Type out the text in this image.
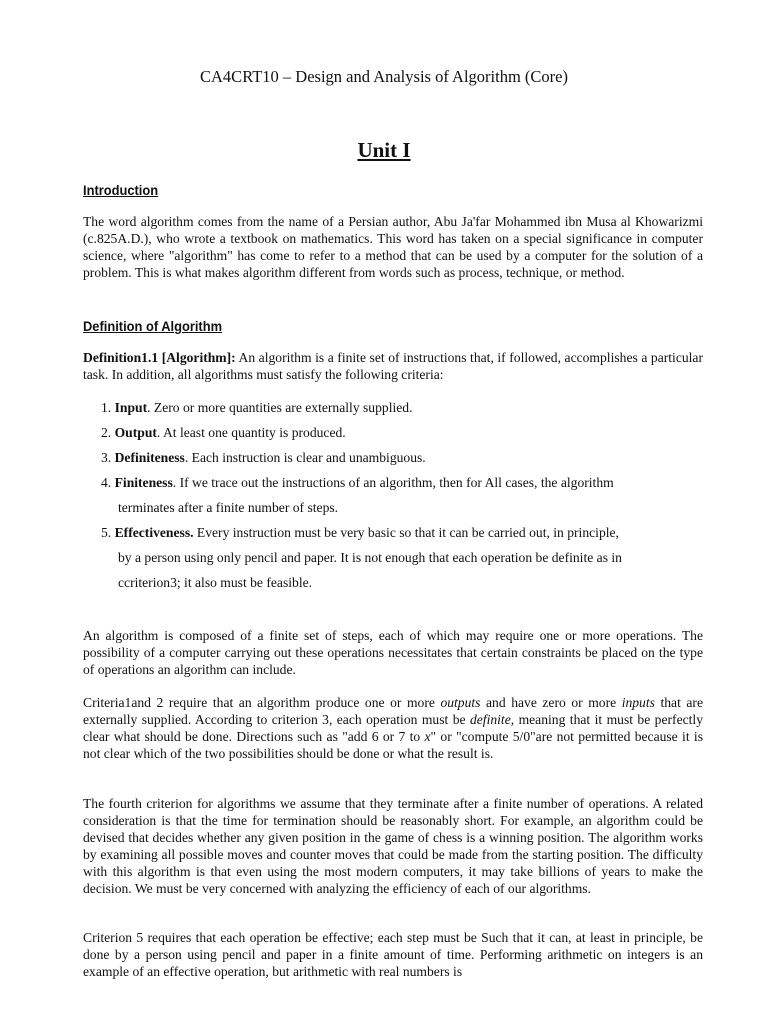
CA4CRT10 – Design and Analysis of Algorithm (Core)
Unit I
Introduction

The word algorithm comes from the name of a Persian author, Abu Ja'far Mohammed ibn Musa al Khowarizmi (c.825A.D.), who wrote a textbook on mathematics. This word has taken on a special significance in computer science, where "algorithm" has come to refer to a method that can be used by a computer for the solution of a problem. This is what makes algorithm different from words such as process, technique, or method.

Definition of Algorithm

Definition1.1 [Algorithm]: An algorithm is a finite set of instructions that, if followed, accomplishes a particular task. In addition, all algorithms must satisfy the following criteria:

1. Input. Zero or more quantities are externally supplied.
2. Output. At least one quantity is produced.
3. Definiteness. Each instruction is clear and unambiguous.
4. Finiteness. If we trace out the instructions of an algorithm, then for All cases, the algorithm
terminates after a finite number of steps.
5. Effectiveness. Every instruction must be very basic so that it can be carried out, in principle,
by a person using only pencil and paper. It is not enough that each operation be definite as in
ccriterion3; it also must be feasible.

An algorithm is composed of a finite set of steps, each of which may require one or more operations. The possibility of a computer carrying out these operations necessitates that certain constraints be placed on the type of operations an algorithm can include.

Criteria1and 2 require that an algorithm produce one or more outputs and have zero or more inputs that are externally supplied. According to criterion 3, each operation must be definite, meaning that it must be perfectly clear what should be done. Directions such as "add 6 or 7 to x" or "compute 5/0"are not permitted because it is not clear which of the two possibilities should be done or what the result is.

The fourth criterion for algorithms we assume that they terminate after a finite number of operations. A related consideration is that the time for termination should be reasonably short. For example, an algorithm could be devised that decides whether any given position in the game of chess is a winning position. The algorithm works by examining all possible moves and counter moves that could be made from the starting position. The difficulty with this algorithm is that even using the most modern computers, it may take billions of years to make the decision. We must be very concerned with analyzing the efficiency of each of our algorithms.

Criterion 5 requires that each operation be effective; each step must be Such that it can, at least in principle, be done by a person using pencil and paper in a finite amount of time. Performing arithmetic on integers is an example of an effective operation, but arithmetic with real numbers is
